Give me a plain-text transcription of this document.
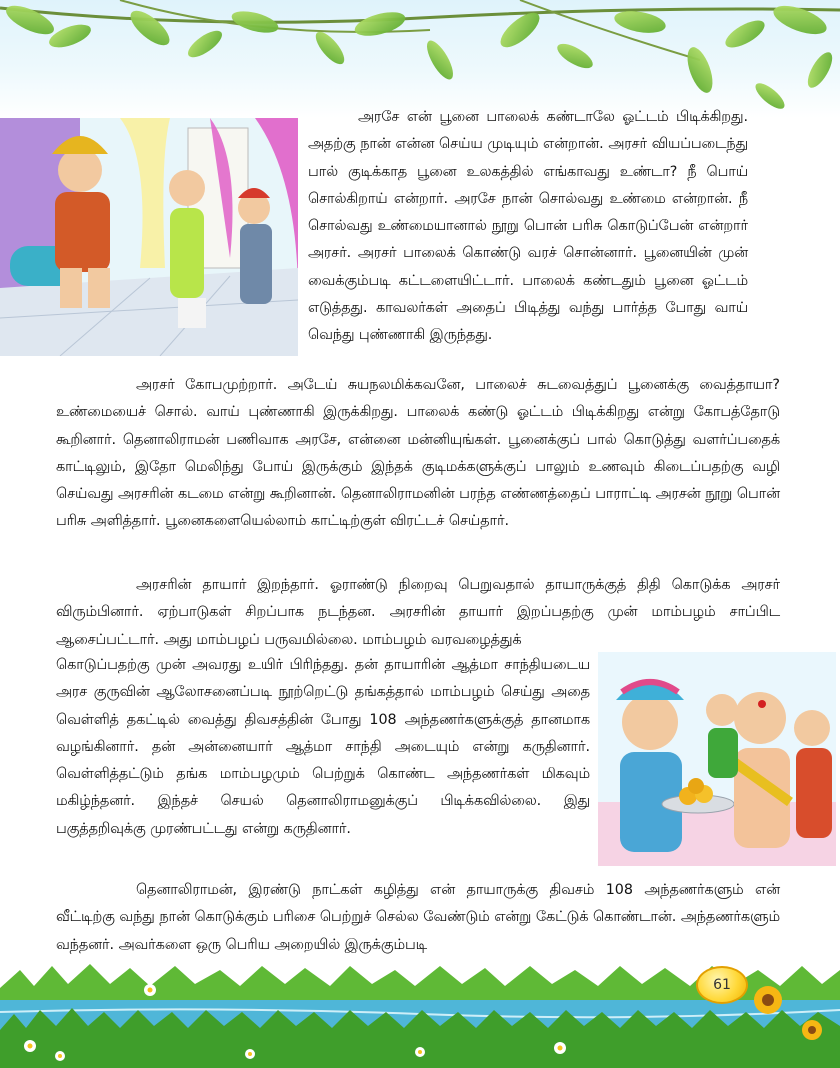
அரசே என் பூனை பாலைக் கண்டாலே ஓட்டம் பிடிக்கிறது. அதற்கு நான் என்ன செய்ய முடியும் என்றான். அரசர் வியப்படைந்து பால் குடிக்காத பூனை உலகத்தில் எங்காவது உண்டா? நீ பொய் சொல்கிறாய் என்றார். அரசே நான் சொல்வது உண்மை என்றான். நீ சொல்வது உண்மையானால் நூறு பொன் பரிசு கொடுப்பேன் என்றார் அரசர். அரசர் பாலைக் கொண்டு வரச் சொன்னார். பூனையின் முன் வைக்கும்படி கட்டளையிட்டார். பாலைக் கண்டதும் பூனை ஓட்டம் எடுத்தது. காவலர்கள் அதைப் பிடித்து வந்து பார்த்த போது வாய் வெந்து புண்ணாகி இருந்தது.

அரசர் கோபமுற்றார். அடேய் சுயநலமிக்கவனே, பாலைச் சுடவைத்துப் பூனைக்கு வைத்தாயா? உண்மையைச் சொல். வாய் புண்ணாகி இருக்கிறது. பாலைக் கண்டு ஓட்டம் பிடிக்கிறது என்று கோபத்தோடு கூறினார். தெனாலிராமன் பணிவாக அரசே, என்னை மன்னியுங்கள். பூனைக்குப் பால் கொடுத்து வளர்ப்பதைக் காட்டிலும், இதோ மெலிந்து போய் இருக்கும் இந்தக் குடிமக்களுக்குப் பாலும் உணவும் கிடைப்பதற்கு வழி செய்வது அரசரின் கடமை என்று கூறினான். தெனாலிராமனின் பரந்த எண்ணத்தைப் பாராட்டி அரசன் நூறு பொன் பரிசு அளித்தார். பூனைகளையெல்லாம் காட்டிற்குள் விரட்டச் செய்தார்.

அரசரின் தாயார் இறந்தார். ஓராண்டு நிறைவு பெறுவதால் தாயாருக்குத் திதி கொடுக்க அரசர் விரும்பினார். ஏற்பாடுகள் சிறப்பாக நடந்தன. அரசரின் தாயார் இறப்பதற்கு முன் மாம்பழம் சாப்பிட ஆசைப்பட்டார். அது மாம்பழப் பருவமில்லை. மாம்பழம் வரவழைத்துக்

கொடுப்பதற்கு முன் அவரது உயிர் பிரிந்தது. தன் தாயாரின் ஆத்மா சாந்தியடைய அரச குருவின் ஆலோசனைப்படி நூற்றெட்டு தங்கத்தால் மாம்பழம் செய்து அதை வெள்ளித் தகட்டில் வைத்து திவசத்தின் போது 108 அந்தணர்களுக்குத் தானமாக வழங்கினார். தன் அன்னையார் ஆத்மா சாந்தி அடையும் என்று கருதினார். வெள்ளித்தட்டும் தங்க மாம்பழமும் பெற்றுக் கொண்ட அந்தணர்கள் மிகவும் மகிழ்ந்தனர். இந்தச் செயல் தெனாலிராமனுக்குப் பிடிக்கவில்லை. இது பகுத்தறிவுக்கு முரண்பட்டது என்று கருதினார்.

தெனாலிராமன், இரண்டு நாட்கள் கழித்து என் தாயாருக்கு திவசம் 108 அந்தணர்களும் என் வீட்டிற்கு வந்து நான் கொடுக்கும் பரிசை பெற்றுச் செல்ல வேண்டும் என்று கேட்டுக் கொண்டான். அந்தணர்களும் வந்தனர். அவர்களை ஒரு பெரிய அறையில் இருக்கும்படி

61
